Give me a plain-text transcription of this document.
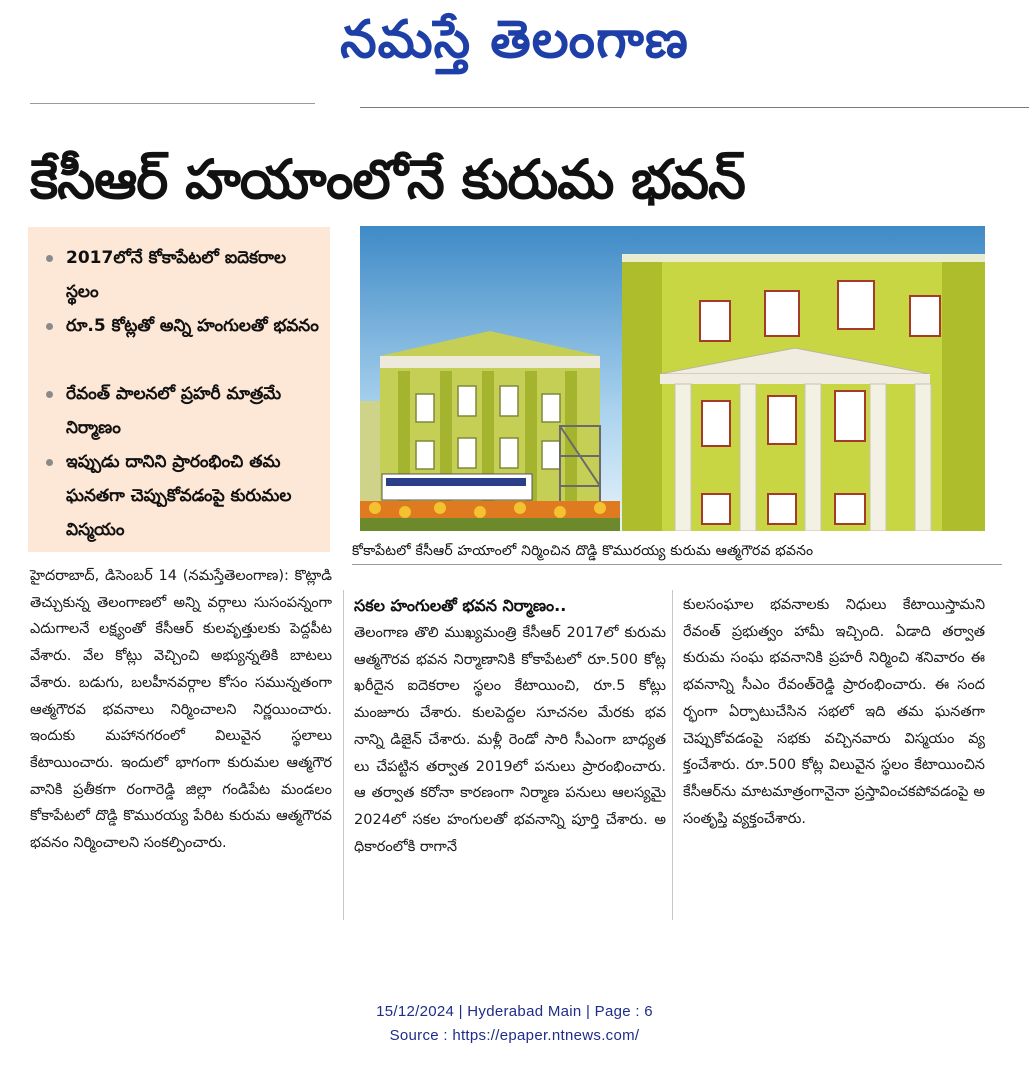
నమస్తే తెలంగాణ
కేసీఆర్ హయాంలోనే కురుమ భవన్
2017లోనే కోకాపేటలో ఐదెకరాల స్థలం
రూ.5 కోట్లతో అన్ని హంగులతో భవనం
రేవంత్ పాలనలో ప్రహరీ మాత్రమే నిర్మాణం
ఇప్పుడు దానిని ప్రారంభించి తమ ఘనతగా చెప్పుకోవడంపై కురుమల విస్మయం
కోకాపేటలో కేసీఆర్ హయాంలో నిర్మించిన దొడ్డి కొమురయ్య కురుమ ఆత్మగౌరవ భవనం
హైదరాబాద్, డిసెంబర్ 14 (నమస్తేతెలంగాణ): కొట్లాడి తెచ్చుకున్న తెలంగాణలో అన్ని వర్గాలు సుసంపన్నంగా ఎదుగాలనే లక్ష్యంతో కేసీఆర్ కులవృత్తులకు పెద్దపీట వేశారు. వేల కోట్లు వెచ్చించి అభ్యున్నతికి బాటలు వేశారు. బడుగు, బలహీనవర్గాల కోసం సమున్నతంగా ఆత్మగౌరవ భవనాలు నిర్మించాలని నిర్ణయించారు. ఇందుకు మహానగరంలో విలువైన స్థలాలు కేటాయించారు. ఇందులో భాగంగా కురుమల ఆత్మగౌరవానికి ప్రతీకగా రంగారెడ్డి జిల్లా గండిపేట మండలం కోకాపేటలో దొడ్డి కొమురయ్య పేరిట కురుమ ఆత్మగౌరవ భవనం నిర్మించాలని సంకల్పించారు.
సకల హంగులతో భవన నిర్మాణం..
తెలంగాణ తొలి ముఖ్యమంత్రి కేసీఆర్ 2017లో కురుమ ఆత్మగౌరవ భవన నిర్మాణానికి కోకాపేటలో రూ.500 కోట్ల ఖరీదైన ఐదెకరాల స్థలం కేటాయించి, రూ.5 కోట్లు మంజూరు చేశారు. కులపెద్దల సూచనల మేరకు భవనాన్ని డిజైన్ చేశారు. మళ్లీ రెండో సారి సీఎంగా బాధ్యతలు చేపట్టిన తర్వాత 2019లో పనులు ప్రారంభించారు. ఆ తర్వాత కరోనా కారణంగా నిర్మాణ పనులు ఆలస్యమై 2024లో సకల హంగులతో భవనాన్ని పూర్తి చేశారు. అధికారంలోకి రాగానే
కులసంఘాల భవనాలకు నిధులు కేటాయిస్తామని రేవంత్ ప్రభుత్వం హామీ ఇచ్చింది. ఏడాది తర్వాత కురుమ సంఘ భవనానికి ప్రహరీ నిర్మించి శనివారం ఈ భవనాన్ని సీఎం రేవంత్‌రెడ్డి ప్రారంభించారు. ఈ సందర్భంగా ఏర్పాటుచేసిన సభలో ఇది తమ ఘనతగా చెప్పుకోవడంపై సభకు వచ్చినవారు విస్మయం వ్యక్తంచేశారు. రూ.500 కోట్ల విలువైన స్థలం కేటాయించిన కేసీఆర్‌ను మాటమాత్రంగానైనా ప్రస్తావించకపోవడంపై అసంతృప్తి వ్యక్తంచేశారు.
15/12/2024 | Hyderabad Main | Page : 6
Source : https://epaper.ntnews.com/
